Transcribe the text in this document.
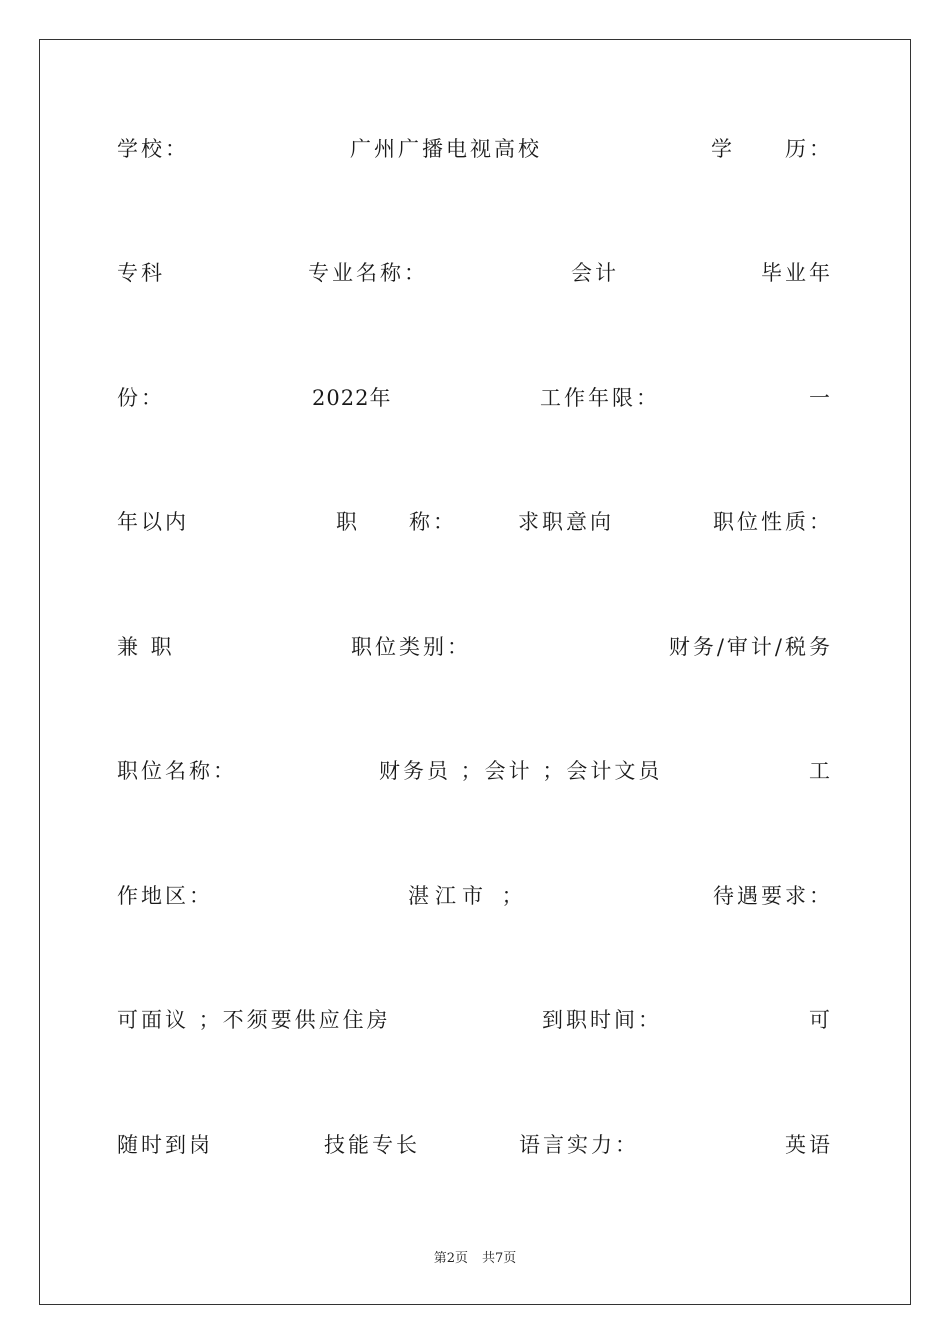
学校：	广州广播电视高校	学 历：
专科	专业名称：	会计	毕业年
份：	2022年	工作年限：	一
年以内	职 称：	求职意向	职位性质：
兼 职	职位类别：	财务/审计/税务
职位名称：	财务员 ；会计 ；会计文员	工
作地区：	湛江市 ；	待遇要求：
可面议 ；不须要供应住房	到职时间：	可
随时到岗	技能专长	语言实力：	英语
第2页 共7页
